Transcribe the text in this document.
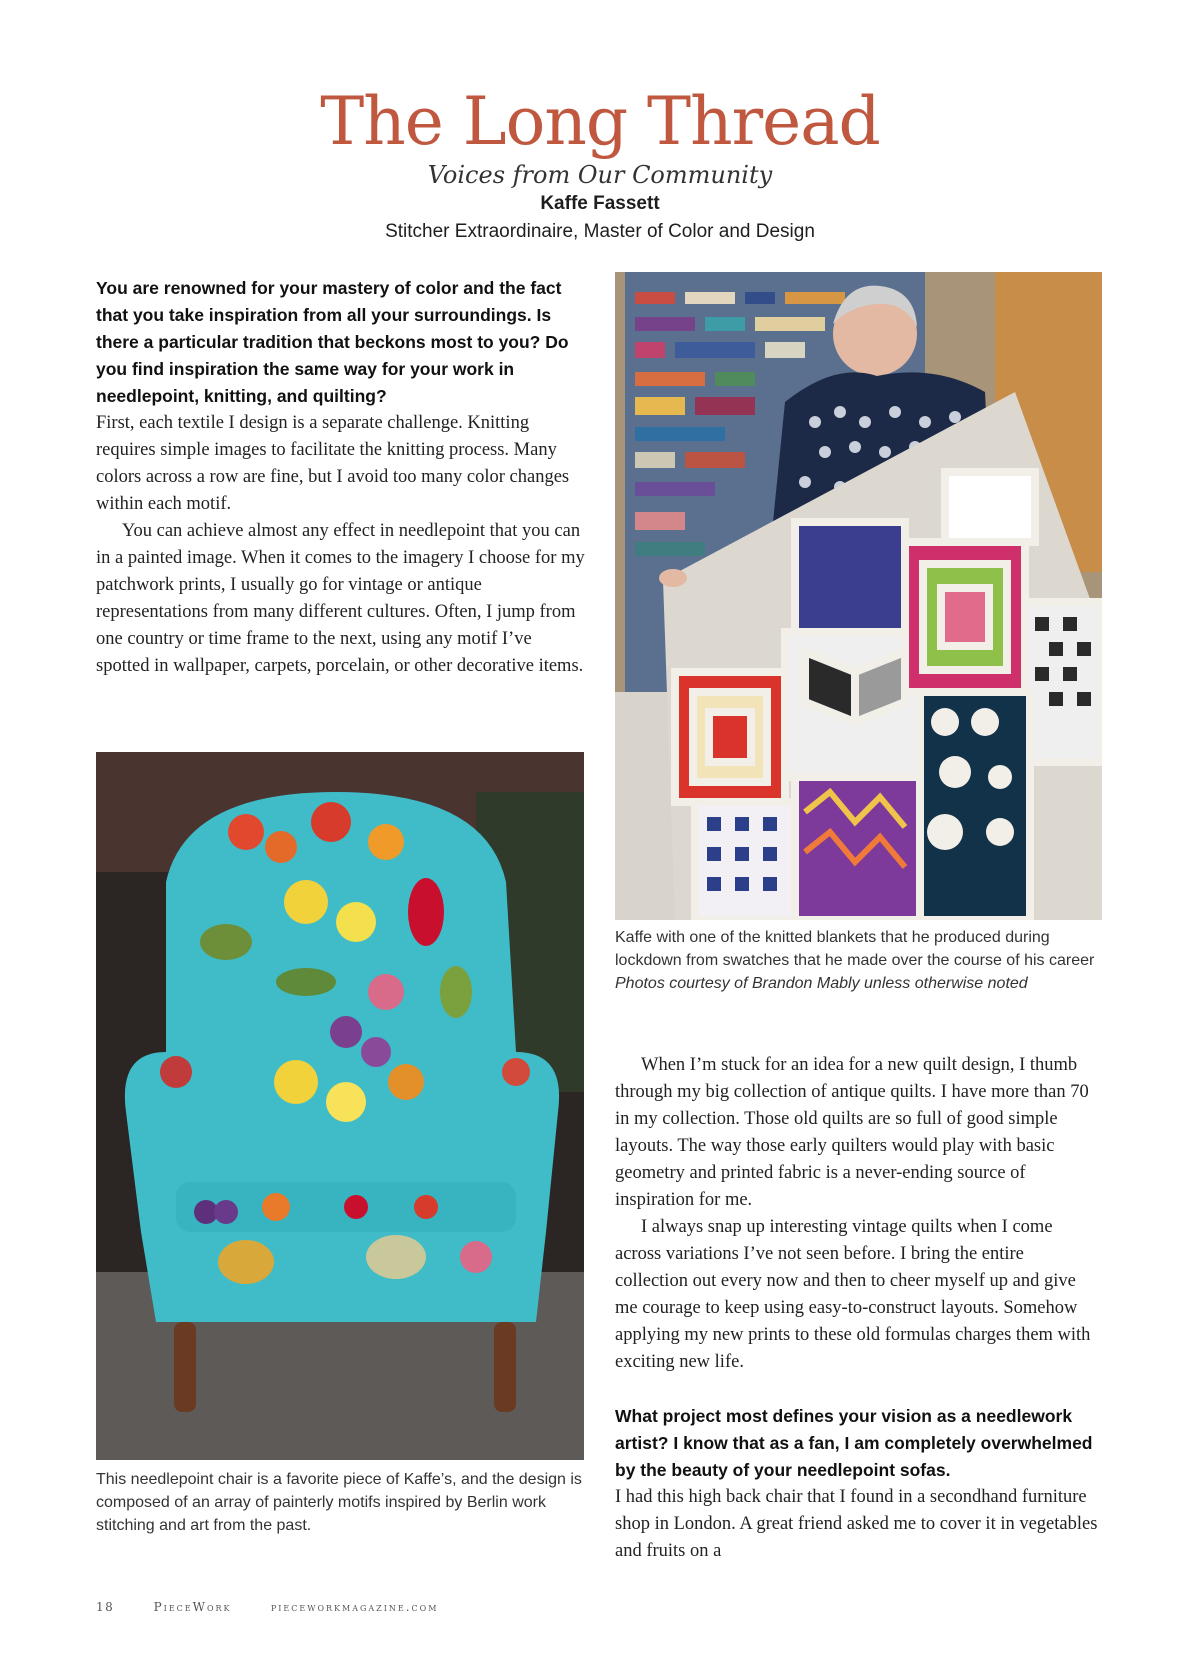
The Long Thread
Voices from Our Community
Kaffe Fassett
Stitcher Extraordinaire, Master of Color and Design
You are renowned for your mastery of color and the fact that you take inspiration from all your surroundings. Is there a particular tradition that beckons most to you? Do you find inspiration the same way for your work in needlepoint, knitting, and quilting?

First, each textile I design is a separate challenge. Knitting requires simple images to facilitate the knitting process. Many colors across a row are fine, but I avoid too many color changes within each motif.

You can achieve almost any effect in needlepoint that you can in a painted image. When it comes to the imagery I choose for my patchwork prints, I usually go for vintage or antique representations from many different cultures. Often, I jump from one country or time frame to the next, using any motif I’ve spotted in wallpaper, carpets, porcelain, or other decorative items.

Kaffe with one of the knitted blankets that he produced during lockdown from swatches that he made over the course of his career
Photos courtesy of Brandon Mably unless otherwise noted
This needlepoint chair is a favorite piece of Kaffe’s, and the design is composed of an array of painterly motifs inspired by Berlin work stitching and art from the past.

When I’m stuck for an idea for a new quilt design, I thumb through my big collection of antique quilts. I have more than 70 in my collection. Those old quilts are so full of good simple layouts. The way those early quilters would play with basic geometry and printed fabric is a never-ending source of inspiration for me.

I always snap up interesting vintage quilts when I come across variations I’ve not seen before. I bring the entire collection out every now and then to cheer myself up and give me courage to keep using easy-to-construct layouts. Somehow applying my new prints to these old formulas charges them with exciting new life.

What project most defines your vision as a needlework artist? I know that as a fan, I am completely overwhelmed by the beauty of your needlepoint sofas.

I had this high back chair that I found in a secondhand furniture shop in London. A great friend asked me to cover it in vegetables and fruits on a

18	PieceWork	pieceworkmagazine.com
